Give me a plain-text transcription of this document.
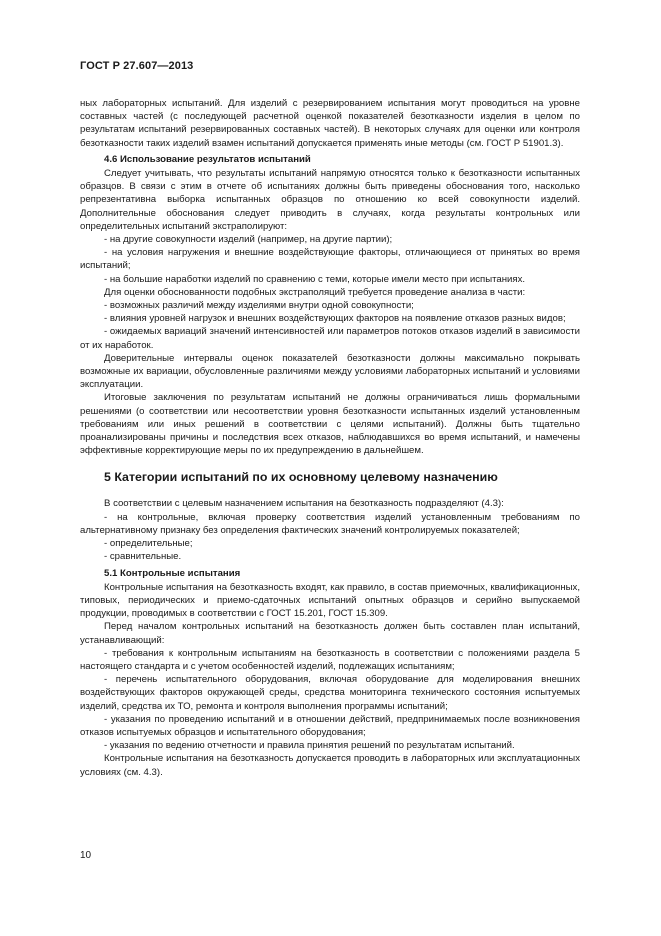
ГОСТ Р 27.607—2013

ных лабораторных испытаний. Для изделий с резервированием испытания могут проводиться на уровне составных частей (с последующей расчетной оценкой показателей безотказности изделия в целом по результатам испытаний резервированных составных частей). В некоторых случаях для оценки или контроля безотказности таких изделий взамен испытаний допускается применять иные методы (см. ГОСТ Р 51901.3).

4.6 Использование результатов испытаний

Следует учитывать, что результаты испытаний напрямую относятся только к безотказности испытанных образцов. В связи с этим в отчете об испытаниях должны быть приведены обоснования того, насколько репрезентативна выборка испытанных образцов по отношению ко всей совокупности изделий. Дополнительные обоснования следует приводить в случаях, когда результаты контрольных или определительных испытаний экстраполируют:

- на другие совокупности изделий (например, на другие партии);

- на условия нагружения и внешние воздействующие факторы, отличающиеся от принятых во время испытаний;

- на большие наработки изделий по сравнению с теми, которые имели место при испытаниях.

Для оценки обоснованности подобных экстраполяций требуется проведение анализа в части:

- возможных различий между изделиями внутри одной совокупности;

- влияния уровней нагрузок и внешних воздействующих факторов на появление отказов разных видов;

- ожидаемых вариаций значений интенсивностей или параметров потоков отказов изделий в зависимости от их наработок.

Доверительные интервалы оценок показателей безотказности должны максимально покрывать возможные их вариации, обусловленные различиями между условиями лабораторных испытаний и условиями эксплуатации.

Итоговые заключения по результатам испытаний не должны ограничиваться лишь формальными решениями (о соответствии или несоответствии уровня безотказности испытанных изделий установленным требованиям или иных решений в соответствии с целями испытаний). Должны быть тщательно проанализированы причины и последствия всех отказов, наблюдавшихся во время испытаний, и намечены эффективные корректирующие меры по их предупреждению в дальнейшем.

5 Категории испытаний по их основному целевому назначению

В соответствии с целевым назначением испытания на безотказность подразделяют (4.3):

- на контрольные, включая проверку соответствия изделий установленным требованиям по альтернативному признаку без определения фактических значений контролируемых показателей;

- определительные;

- сравнительные.

5.1 Контрольные испытания

Контрольные испытания на безотказность входят, как правило, в состав приемочных, квалификационных, типовых, периодических и приемо-сдаточных испытаний опытных образцов и серийно выпускаемой продукции, проводимых в соответствии с ГОСТ 15.201, ГОСТ 15.309.

Перед началом контрольных испытаний на безотказность должен быть составлен план испытаний, устанавливающий:

- требования к контрольным испытаниям на безотказность в соответствии с положениями раздела 5 настоящего стандарта и с учетом особенностей изделий, подлежащих испытаниям;

- перечень испытательного оборудования, включая оборудование для моделирования внешних воздействующих факторов окружающей среды, средства мониторинга технического состояния испытуемых изделий, средства их ТО, ремонта и контроля выполнения программы испытаний;

- указания по проведению испытаний и в отношении действий, предпринимаемых после возникновения отказов испытуемых образцов и испытательного оборудования;

- указания по ведению отчетности и правила принятия решений по результатам испытаний.

Контрольные испытания на безотказность допускается проводить в лабораторных или эксплуатационных условиях (см. 4.3).

10
